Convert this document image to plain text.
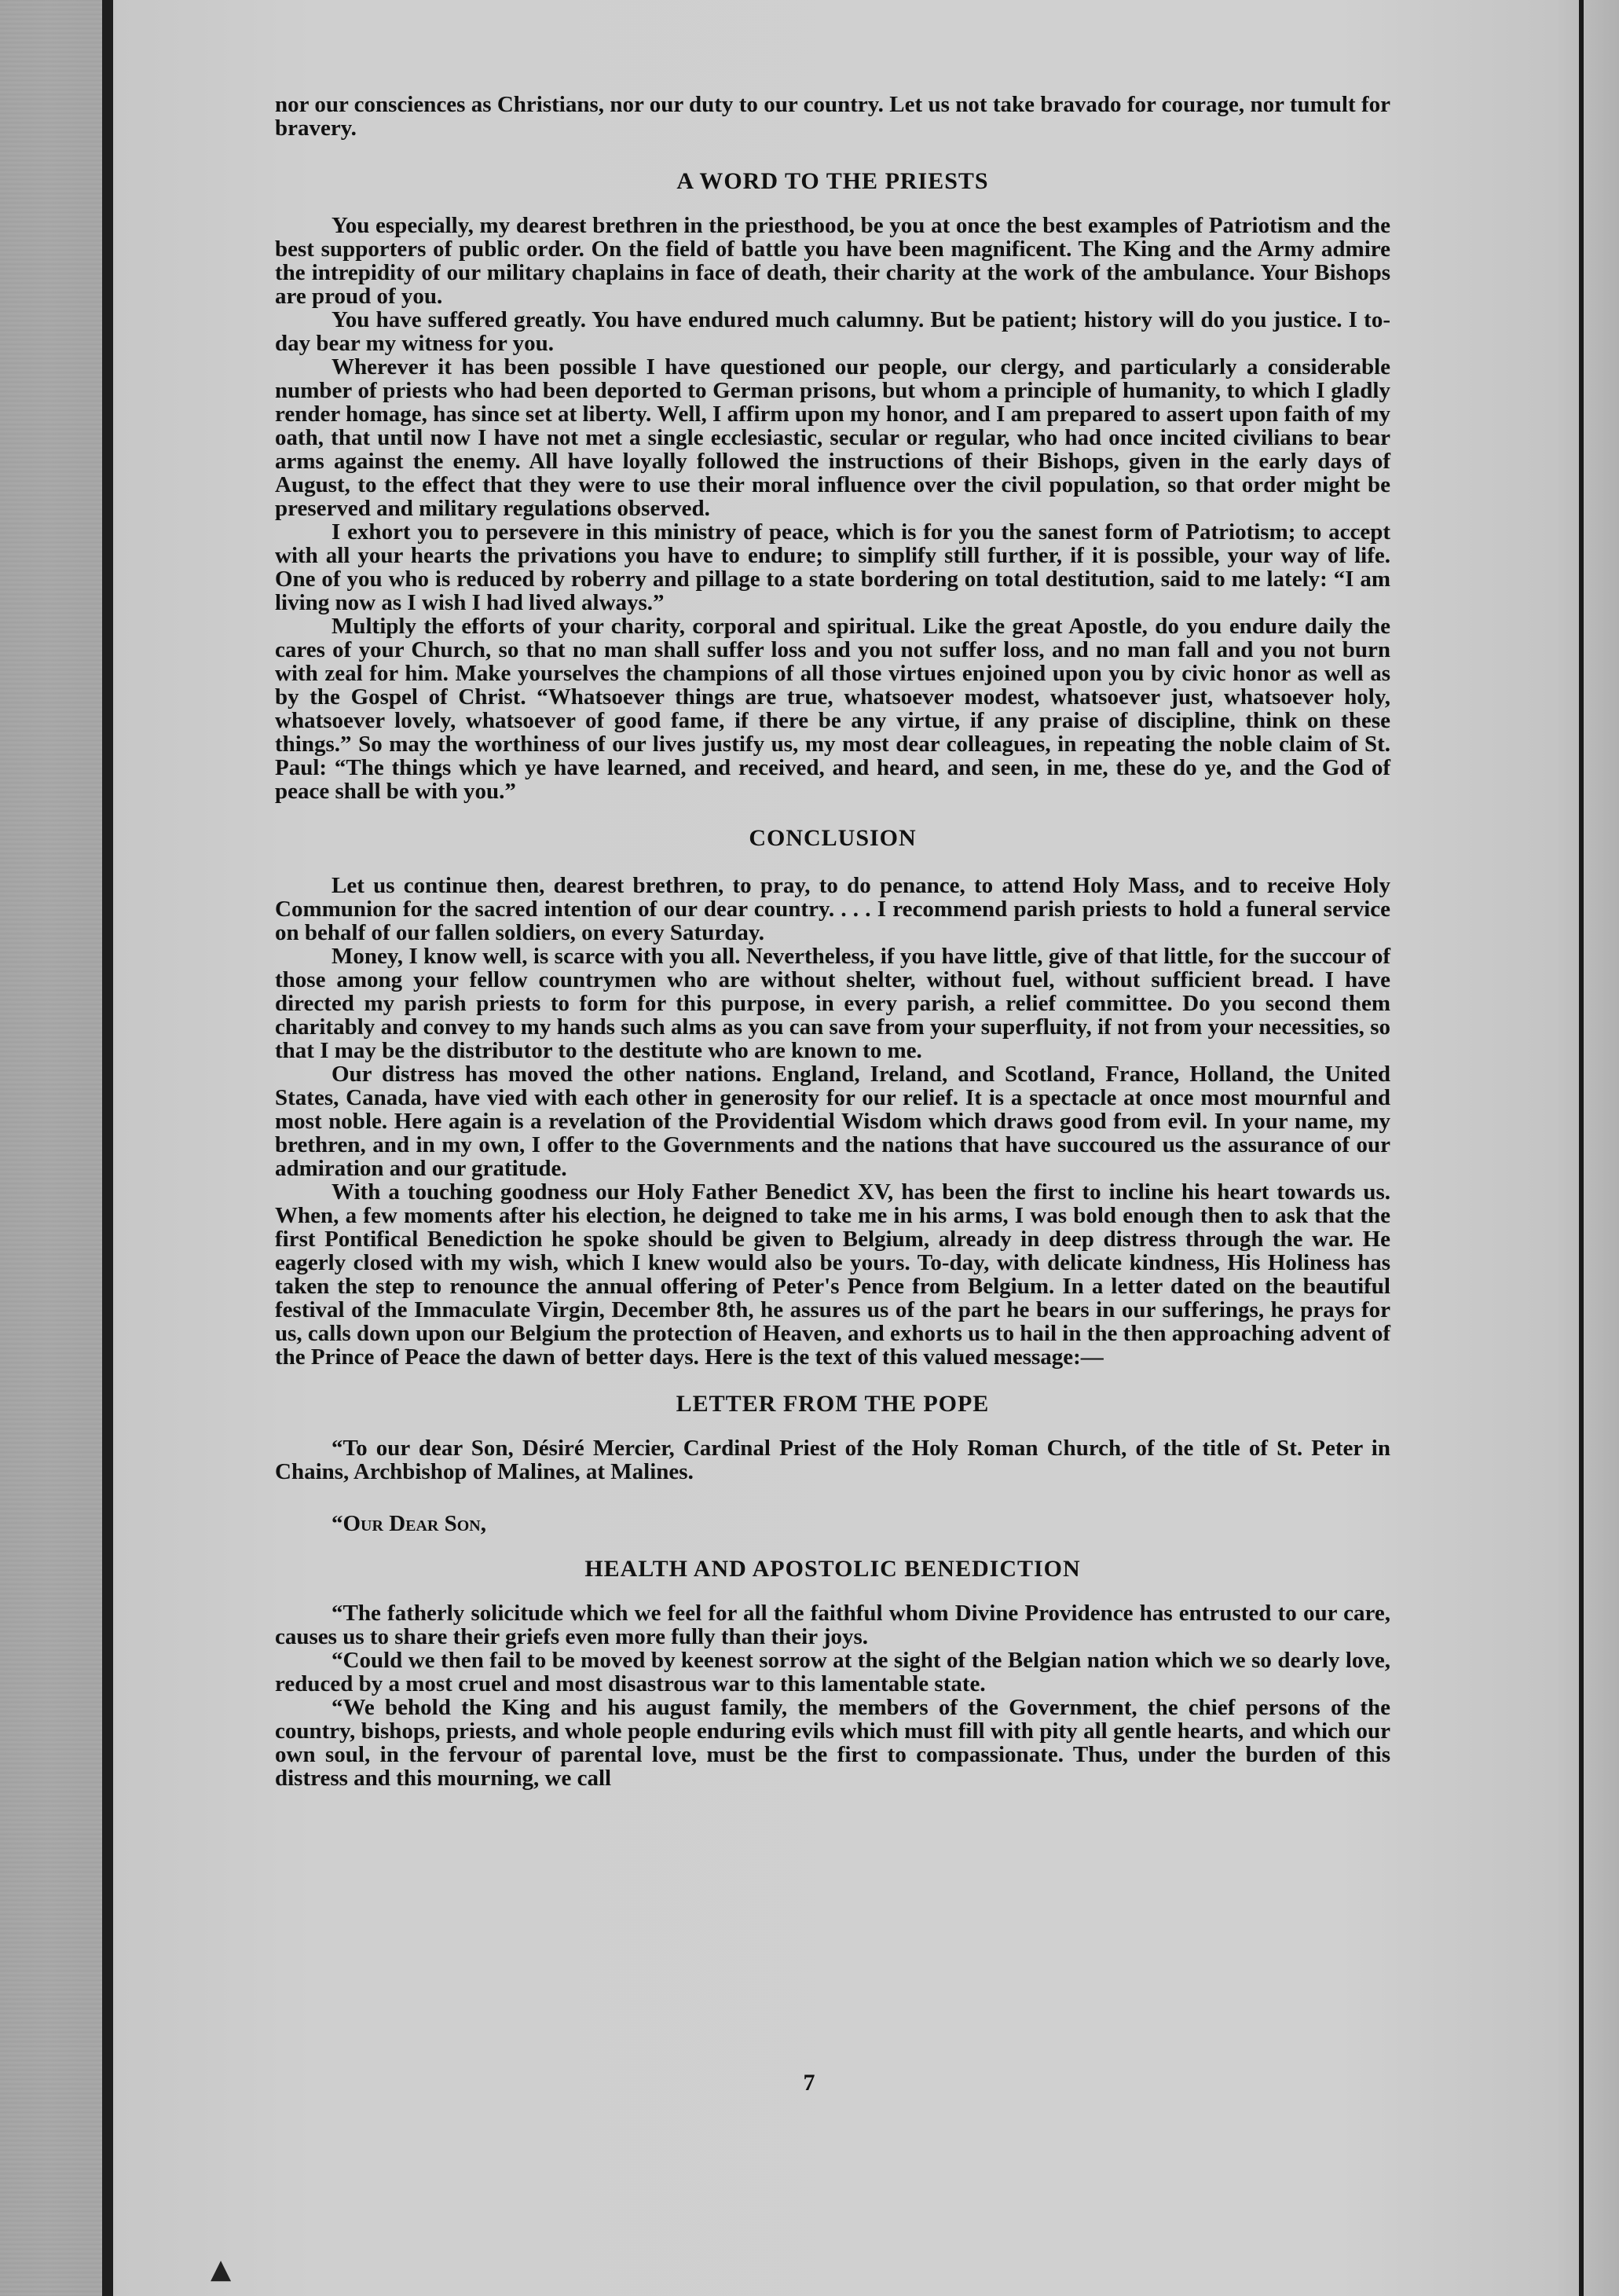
nor our consciences as Christians, nor our duty to our country. Let us not take bravado for courage, nor tumult for bravery.

A WORD TO THE PRIESTS

You especially, my dearest brethren in the priesthood, be you at once the best examples of Patriotism and the best supporters of public order. On the field of battle you have been magnificent. The King and the Army admire the intrepidity of our military chaplains in face of death, their charity at the work of the ambulance. Your Bishops are proud of you.

You have suffered greatly. You have endured much calumny. But be patient; history will do you justice. I to-day bear my witness for you.

Wherever it has been possible I have questioned our people, our clergy, and particularly a considerable number of priests who had been deported to German prisons, but whom a principle of humanity, to which I gladly render homage, has since set at liberty. Well, I affirm upon my honor, and I am prepared to assert upon faith of my oath, that until now I have not met a single ecclesiastic, secular or regular, who had once incited civilians to bear arms against the enemy. All have loyally followed the instructions of their Bishops, given in the early days of August, to the effect that they were to use their moral influence over the civil population, so that order might be preserved and military regulations observed.

I exhort you to persevere in this ministry of peace, which is for you the sanest form of Patriotism; to accept with all your hearts the privations you have to endure; to simplify still further, if it is possible, your way of life. One of you who is reduced by roberry and pillage to a state bordering on total destitution, said to me lately: “I am living now as I wish I had lived always.”

Multiply the efforts of your charity, corporal and spiritual. Like the great Apostle, do you endure daily the cares of your Church, so that no man shall suffer loss and you not suffer loss, and no man fall and you not burn with zeal for him. Make yourselves the champions of all those virtues enjoined upon you by civic honor as well as by the Gospel of Christ. “Whatsoever things are true, whatsoever modest, whatsoever just, whatsoever holy, whatsoever lovely, whatsoever of good fame, if there be any virtue, if any praise of discipline, think on these things.” So may the worthiness of our lives justify us, my most dear colleagues, in repeating the noble claim of St. Paul: “The things which ye have learned, and received, and heard, and seen, in me, these do ye, and the God of peace shall be with you.”

CONCLUSION

Let us continue then, dearest brethren, to pray, to do penance, to attend Holy Mass, and to receive Holy Communion for the sacred intention of our dear country. . . . I recommend parish priests to hold a funeral service on behalf of our fallen soldiers, on every Saturday.

Money, I know well, is scarce with you all. Nevertheless, if you have little, give of that little, for the succour of those among your fellow countrymen who are without shelter, without fuel, without sufficient bread. I have directed my parish priests to form for this purpose, in every parish, a relief committee. Do you second them charitably and convey to my hands such alms as you can save from your superfluity, if not from your necessities, so that I may be the distributor to the destitute who are known to me.

Our distress has moved the other nations. England, Ireland, and Scotland, France, Holland, the United States, Canada, have vied with each other in generosity for our relief. It is a spectacle at once most mournful and most noble. Here again is a revelation of the Providential Wisdom which draws good from evil. In your name, my brethren, and in my own, I offer to the Governments and the nations that have succoured us the assurance of our admiration and our gratitude.

With a touching goodness our Holy Father Benedict XV, has been the first to incline his heart towards us. When, a few moments after his election, he deigned to take me in his arms, I was bold enough then to ask that the first Pontifical Benediction he spoke should be given to Belgium, already in deep distress through the war. He eagerly closed with my wish, which I knew would also be yours. To-day, with delicate kindness, His Holiness has taken the step to renounce the annual offering of Peter's Pence from Belgium. In a letter dated on the beautiful festival of the Immaculate Virgin, December 8th, he assures us of the part he bears in our sufferings, he prays for us, calls down upon our Belgium the protection of Heaven, and exhorts us to hail in the then approaching advent of the Prince of Peace the dawn of better days. Here is the text of this valued message:—

LETTER FROM THE POPE

“To our dear Son, Désiré Mercier, Cardinal Priest of the Holy Roman Church, of the title of St. Peter in Chains, Archbishop of Malines, at Malines.

“Our Dear Son,

HEALTH AND APOSTOLIC BENEDICTION

“The fatherly solicitude which we feel for all the faithful whom Divine Providence has entrusted to our care, causes us to share their griefs even more fully than their joys.

“Could we then fail to be moved by keenest sorrow at the sight of the Belgian nation which we so dearly love, reduced by a most cruel and most disastrous war to this lamentable state.

“We behold the King and his august family, the members of the Government, the chief persons of the country, bishops, priests, and whole people enduring evils which must fill with pity all gentle hearts, and which our own soul, in the fervour of parental love, must be the first to compassionate. Thus, under the burden of this distress and this mourning, we call

7
▲
